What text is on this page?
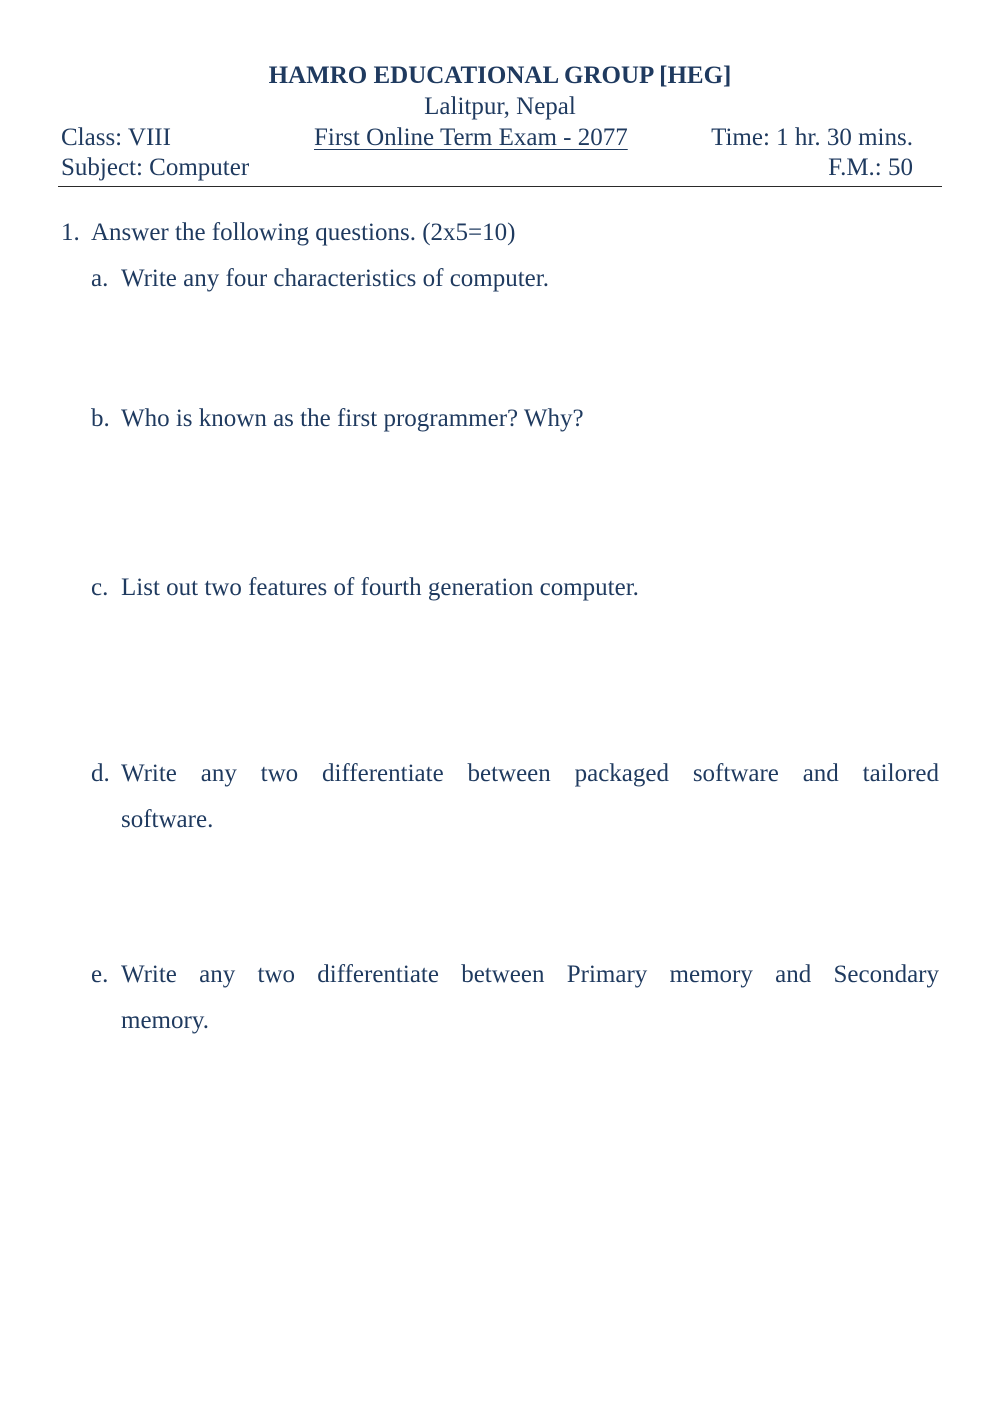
HAMRO EDUCATIONAL GROUP [HEG]
Lalitpur, Nepal
Class: VIII	First Online Term Exam - 2077	Time: 1 hr. 30 mins.
Subject: Computer	F.M.: 50
1. Answer the following questions. (2x5=10)
a. Write any four characteristics of computer.
b. Who is known as the first programmer? Why?
c. List out two features of fourth generation computer.
d. Write any two differentiate between packaged software and tailored
software.
e. Write any two differentiate between Primary memory and Secondary
memory.
